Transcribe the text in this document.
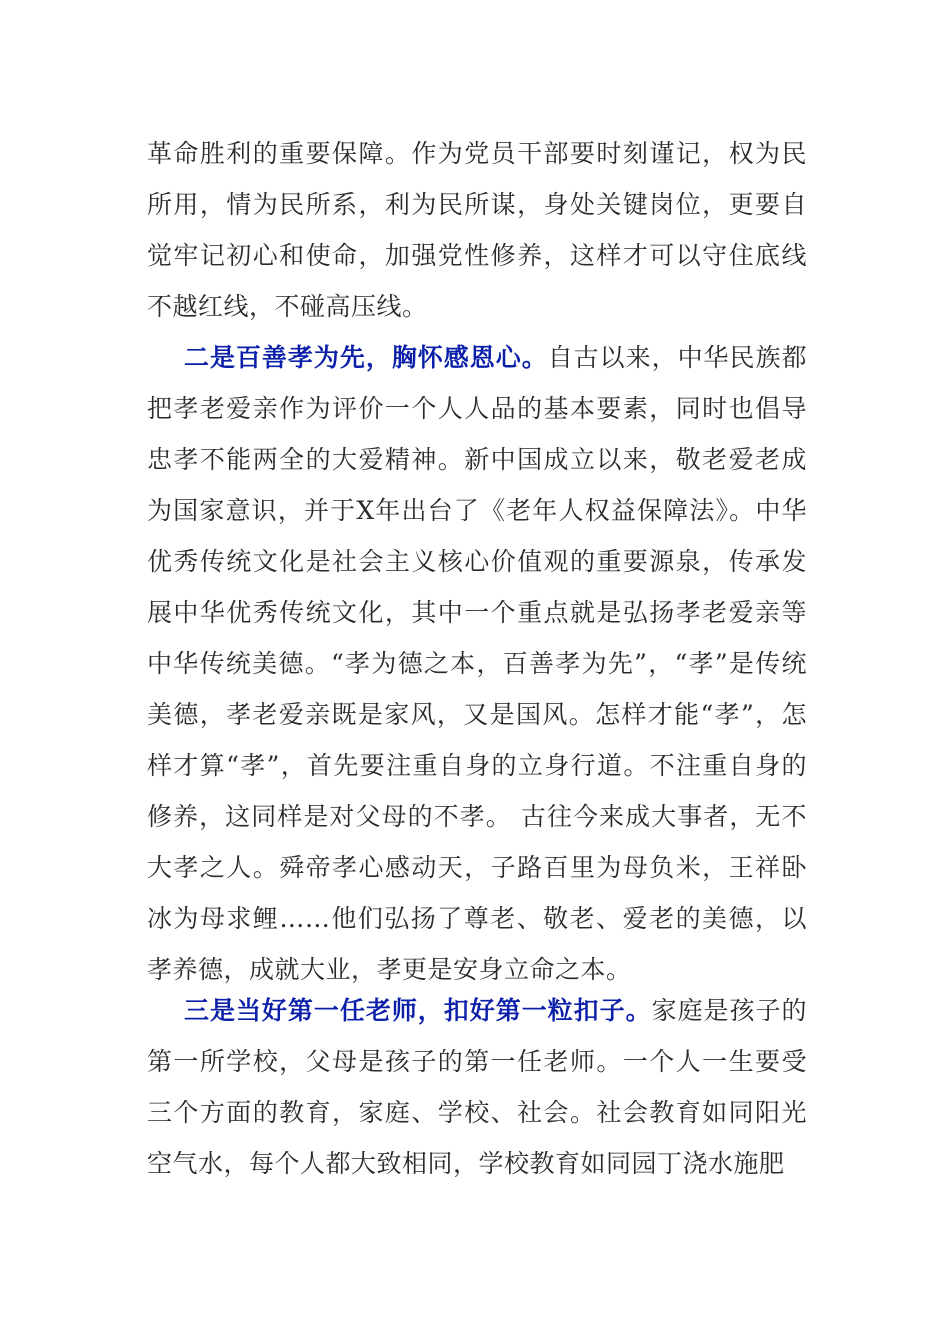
革命胜利的重要保障。作为党员干部要时刻谨记，权为民所用，情为民所系，利为民所谋，身处关键岗位，更要自觉牢记初心和使命，加强党性修养，这样才可以守住底线不越红线，不碰高压线。

二是百善孝为先，胸怀感恩心。自古以来，中华民族都把孝老爱亲作为评价一个人人品的基本要素，同时也倡导忠孝不能两全的大爱精神。新中国成立以来，敬老爱老成为国家意识，并于X年出台了《老年人权益保障法》。中华优秀传统文化是社会主义核心价值观的重要源泉，传承发展中华优秀传统文化，其中一个重点就是弘扬孝老爱亲等中华传统美德。“孝为德之本，百善孝为先”，“孝”是传统美德，孝老爱亲既是家风，又是国风。怎样才能“孝”，怎样才算“孝”，首先要注重自身的立身行道。不注重自身的修养，这同样是对父母的不孝。 古往今来成大事者，无不大孝之人。舜帝孝心感动天，子路百里为母负米，王祥卧冰为母求鲤……他们弘扬了尊老、敬老、爱老的美德，以孝养德，成就大业，孝更是安身立命之本。

三是当好第一任老师，扣好第一粒扣子。家庭是孩子的第一所学校，父母是孩子的第一任老师。一个人一生要受三个方面的教育，家庭、学校、社会。社会教育如同阳光空气水，每个人都大致相同，学校教育如同园丁浇水施肥
